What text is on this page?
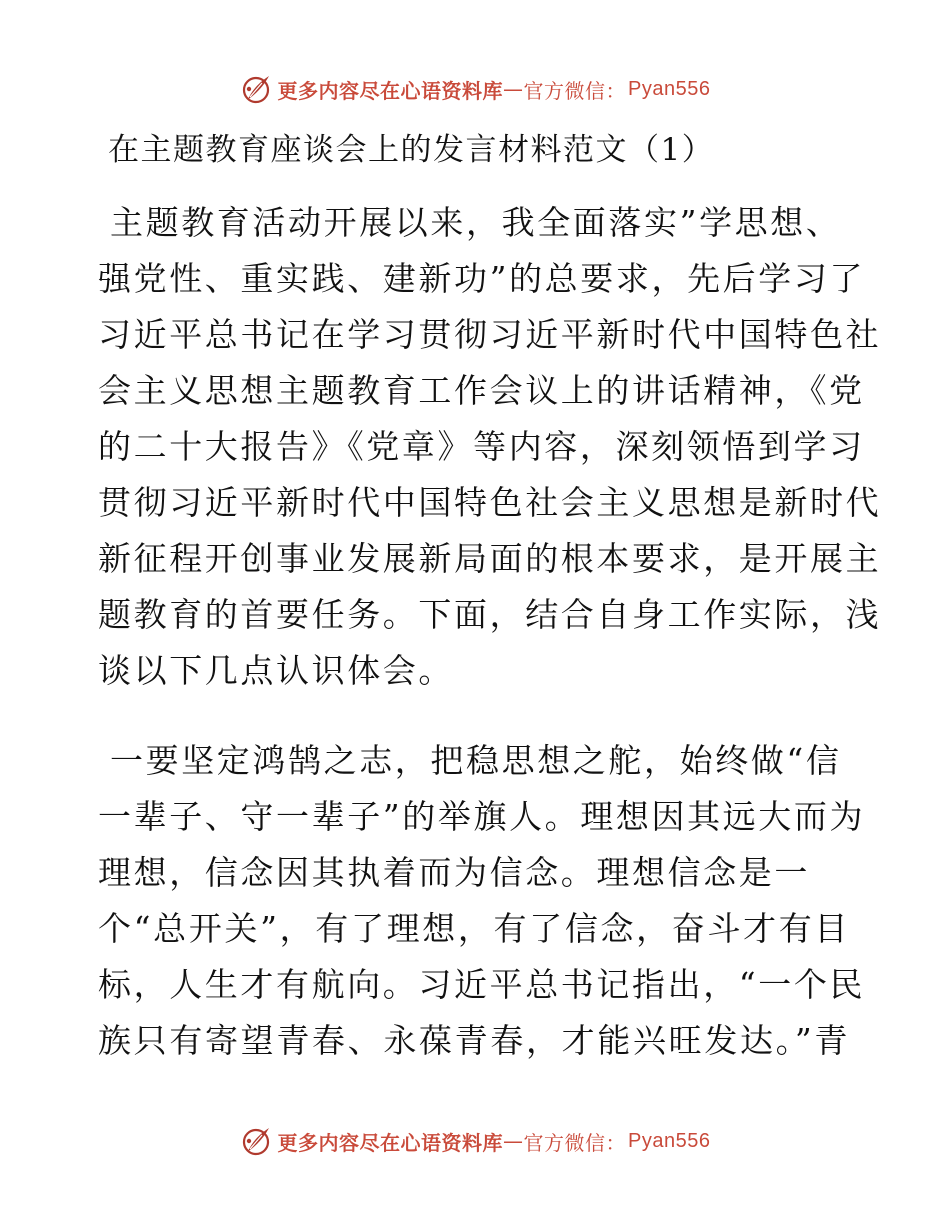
更多内容尽在心语资料库 — 官方微信： Pyan556
在主题教育座谈会上的发言材料范文（1）
主题教育活动开展以来，我全面落实”学思想、
强党性、重实践、建新功”的总要求，先后学习了
习近平总书记在学习贯彻习近平新时代中国特色社
会主义思想主题教育工作会议上的讲话精神，《党
的二十大报告》《党章》等内容，深刻领悟到学习
贯彻习近平新时代中国特色社会主义思想是新时代
新征程开创事业发展新局面的根本要求，是开展主
题教育的首要任务。下面，结合自身工作实际，浅
谈以下几点认识体会。
一要坚定鸿鹄之志，把稳思想之舵，始终做“信
一辈子、守一辈子”的举旗人。理想因其远大而为
理想，信念因其执着而为信念。理想信念是一
个“总开关”，有了理想，有了信念，奋斗才有目
标，人生才有航向。习近平总书记指出，“一个民
族只有寄望青春、永葆青春，才能兴旺发达。”青
更多内容尽在心语资料库 — 官方微信： Pyan556
